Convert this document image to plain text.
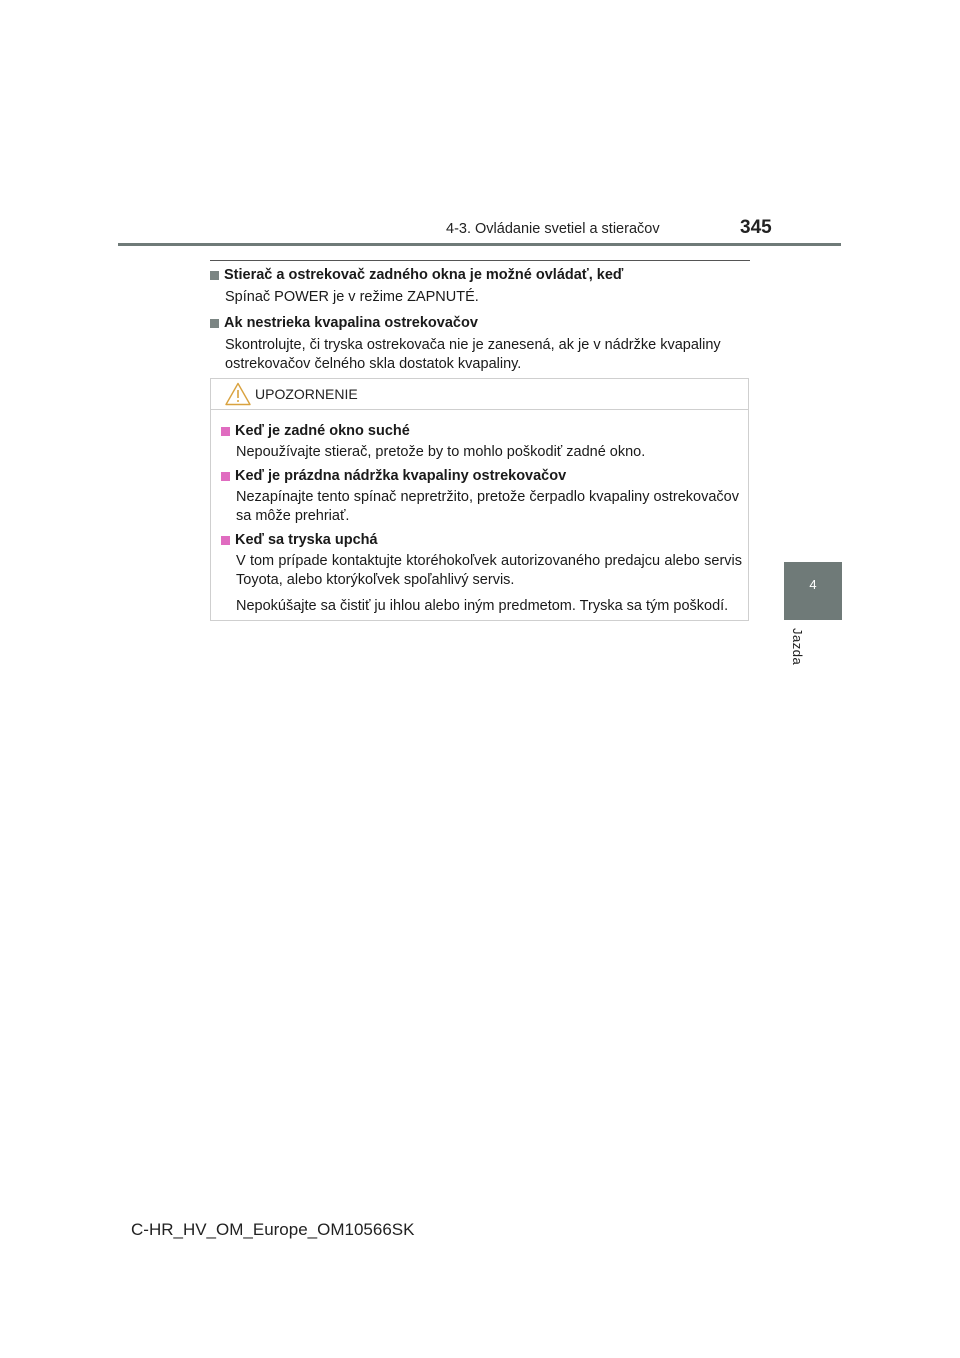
4-3. Ovládanie svetiel a stieračov	345
4
Jazda
Stierač a ostrekovač zadného okna je možné ovládať, keď
Spínač POWER je v režime ZAPNUTÉ.
Ak nestrieka kvapalina ostrekovačov
Skontrolujte, či tryska ostrekovača nie je zanesená, ak je v nádržke kvapaliny ostrekovačov čelného skla dostatok kvapaliny.
UPOZORNENIE
Keď je zadné okno suché
Nepoužívajte stierač, pretože by to mohlo poškodiť zadné okno.
Keď je prázdna nádržka kvapaliny ostrekovačov
Nezapínajte tento spínač nepretržito, pretože čerpadlo kvapaliny ostrekovačov sa môže prehriať.
Keď sa tryska upchá
V tom prípade kontaktujte ktoréhokoľvek autorizovaného predajcu alebo servis Toyota, alebo ktorýkoľvek spoľahlivý servis.
Nepokúšajte sa čistiť ju ihlou alebo iným predmetom. Tryska sa tým poškodí.
C-HR_HV_OM_Europe_OM10566SK
